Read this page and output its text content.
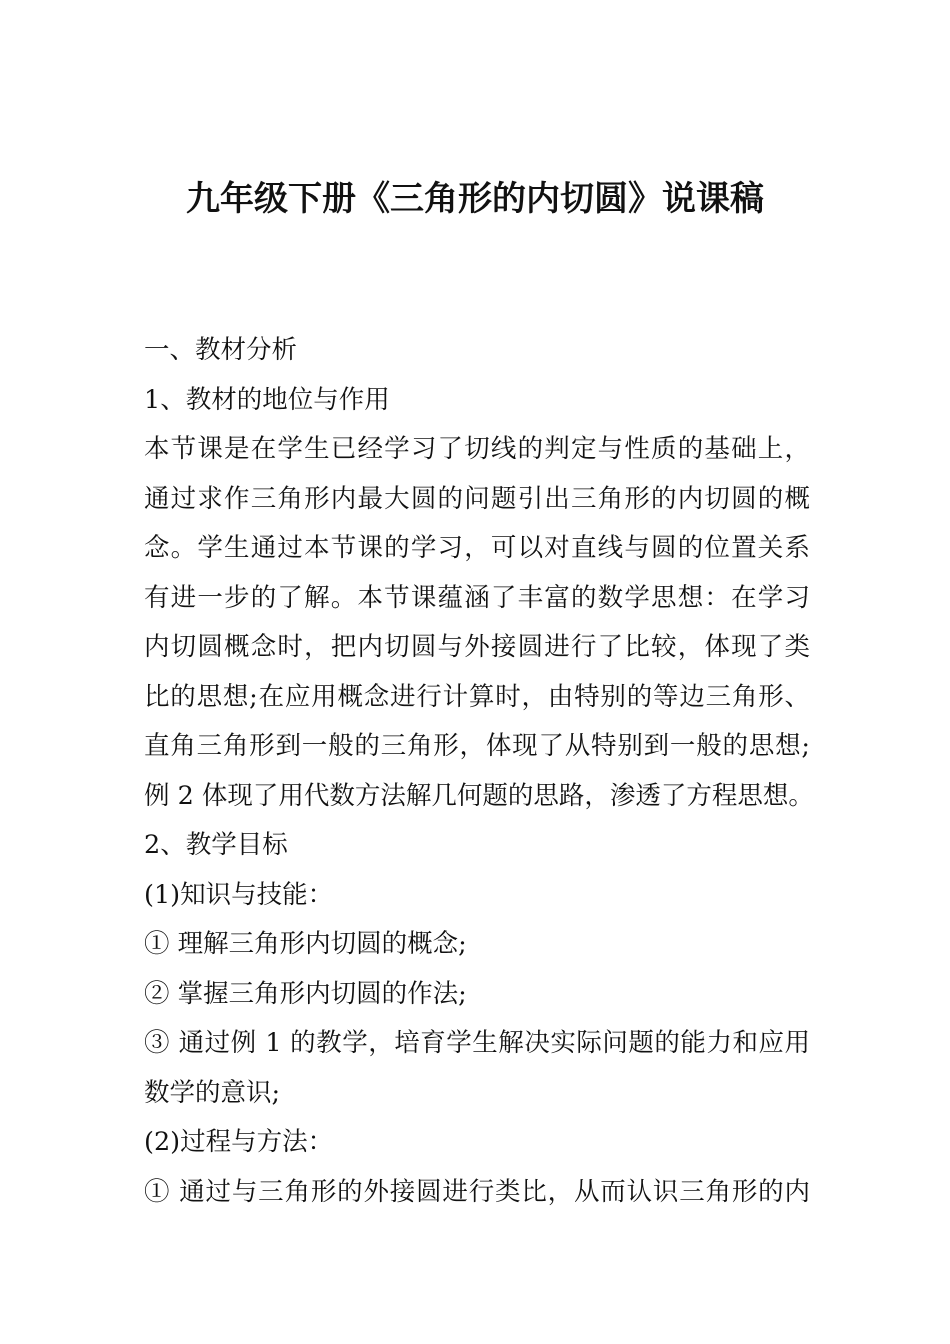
九年级下册《三角形的内切圆》说课稿

一、教材分析

1、教材的地位与作用

本节课是在学生已经学习了切线的判定与性质的基础上，

通过求作三角形内最大圆的问题引出三角形的内切圆的概

念。学生通过本节课的学习，可以对直线与圆的位置关系

有进一步的了解。本节课蕴涵了丰富的数学思想：在学习

内切圆概念时，把内切圆与外接圆进行了比较，体现了类

比的思想;在应用概念进行计算时，由特别的等边三角形、

直角三角形到一般的三角形，体现了从特别到一般的思想;

例 2 体现了用代数方法解几何题的思路，渗透了方程思想。

2、教学目标

(1)知识与技能：

① 理解三角形内切圆的概念;

② 掌握三角形内切圆的作法;

③ 通过例 1 的教学，培育学生解决实际问题的能力和应用

数学的意识;

(2)过程与方法：

① 通过与三角形的外接圆进行类比，从而认识三角形的内
